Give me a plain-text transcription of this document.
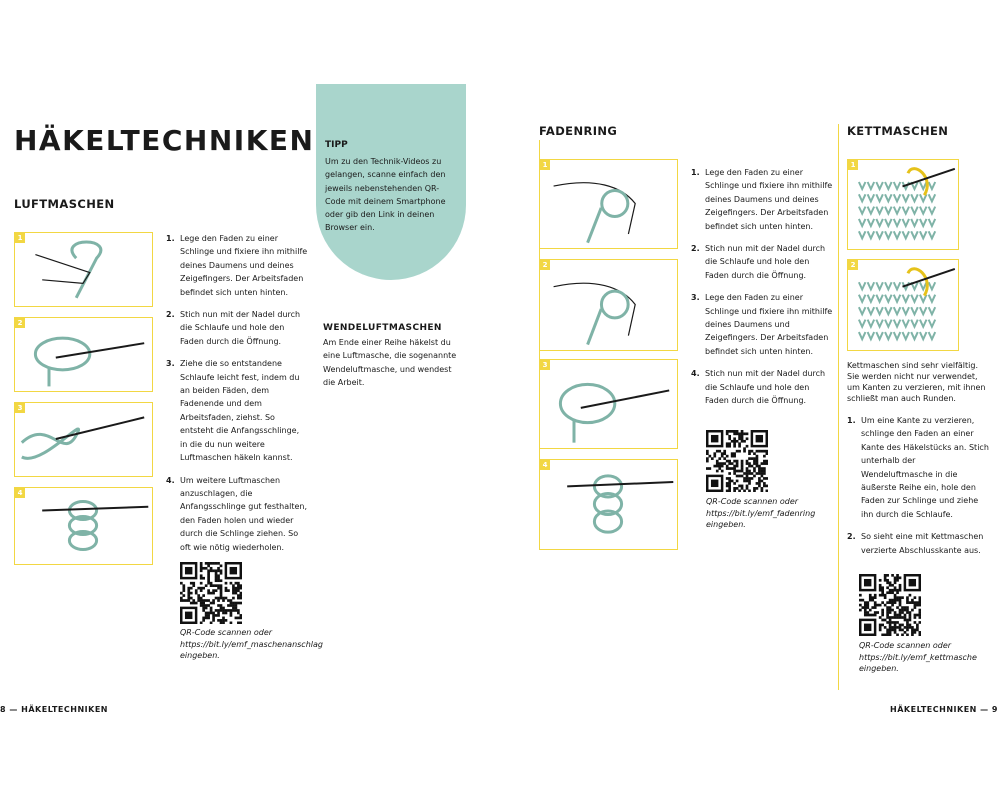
HÄKELTECHNIKEN TIPP
Um zu den Technik-Videos zu gelangen, scanne einfach den jeweils nebenstehenden QR-Code mit deinem Smartphone oder gib den Link in deinen Browser ein.
LUFTMASCHEN
1
2
3
4
1. Lege den Faden zu einer Schlinge und fixiere ihn mithilfe deines Daumens und deines Zeigefingers. Der Arbeitsfaden befindet sich unten hinten.
2. Stich nun mit der Nadel durch die Schlaufe und hole den Faden durch die Öffnung.
3. Ziehe die so entstandene Schlaufe leicht fest, indem du an beiden Fäden, dem Fadenende und dem Arbeitsfaden, ziehst. So entsteht die Anfangsschlinge, in die du nun weitere Luftmaschen häkeln kannst.
4. Um weitere Luftmaschen anzuschlagen, die Anfangsschlinge gut festhalten, den Faden holen und wieder durch die Schlinge ziehen. So oft wie nötig wiederholen.
QR-Code scannen oder https://bit.ly/emf_maschenanschlag eingeben.
WENDELUFTMASCHEN
Am Ende einer Reihe häkelst du eine Luftmasche, die sogenannte Wendeluftmasche, und wendest die Arbeit.
FADENRING
1
2
3
4
1. Lege den Faden zu einer Schlinge und fixiere ihn mithilfe deines Daumens und deines Zeigefingers. Der Arbeitsfaden befindet sich unten hinten.
2. Stich nun mit der Nadel durch die Schlaufe und hole den Faden durch die Öffnung.
3. Lege den Faden zu einer Schlinge und fixiere ihn mithilfe deines Daumens und Zeigefingers. Der Arbeitsfaden befindet sich unten hinten.
4. Stich nun mit der Nadel durch die Schlaufe und hole den Faden durch die Öffnung.
QR-Code scannen oder https://bit.ly/emf_fadenring eingeben.
KETTMASCHEN
1
2
Kettmaschen sind sehr vielfältig. Sie werden nicht nur verwendet, um Kanten zu verzieren, mit ihnen schließt man auch Runden.
1. Um eine Kante zu verzieren, schlinge den Faden an einer Kante des Häkelstücks an. Stich unterhalb der Wendeluftmasche in die äußerste Reihe ein, hole den Faden zur Schlinge und ziehe ihn durch die Schlaufe.
2. So sieht eine mit Kettmaschen verzierte Abschlusskante aus.
QR-Code scannen oder https://bit.ly/emf_kettmasche eingeben.
8 — HÄKELTECHNIKEN	HÄKELTECHNIKEN — 9
